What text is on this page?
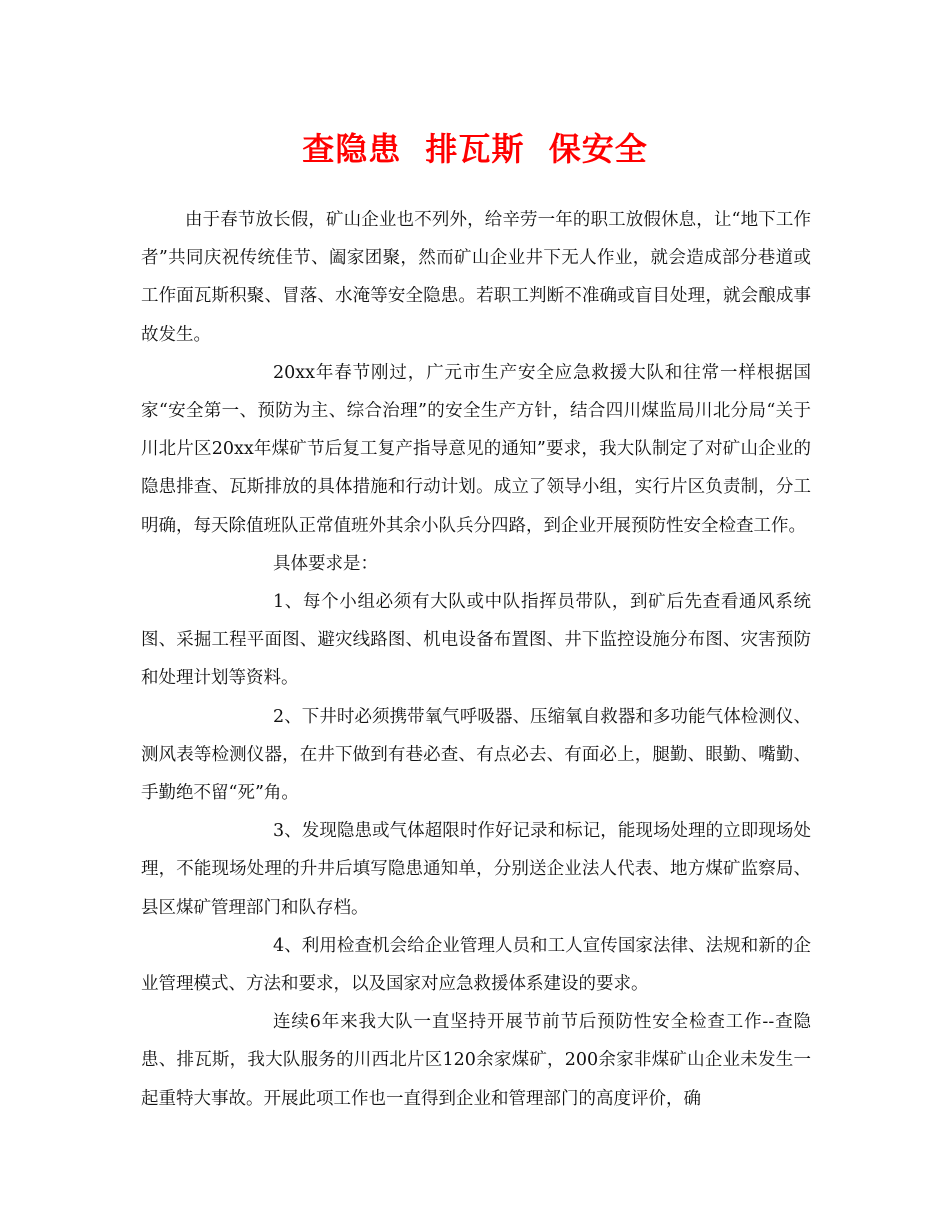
查隐患  排瓦斯  保安全

由于春节放长假，矿山企业也不列外，给辛劳一年的职工放假休息，让“地下工作者”共同庆祝传统佳节、阖家团聚，然而矿山企业井下无人作业，就会造成部分巷道或工作面瓦斯积聚、冒落、水淹等安全隐患。若职工判断不准确或盲目处理，就会酿成事故发生。

20xx年春节刚过，广元市生产安全应急救援大队和往常一样根据国家“安全第一、预防为主、综合治理”的安全生产方针，结合四川煤监局川北分局“关于川北片区20xx年煤矿节后复工复产指导意见的通知”要求，我大队制定了对矿山企业的隐患排查、瓦斯排放的具体措施和行动计划。成立了领导小组，实行片区负责制，分工明确，每天除值班队正常值班外其余小队兵分四路，到企业开展预防性安全检查工作。

具体要求是：

1、每个小组必须有大队或中队指挥员带队，到矿后先查看通风系统图、采掘工程平面图、避灾线路图、机电设备布置图、井下监控设施分布图、灾害预防和处理计划等资料。

2、下井时必须携带氧气呼吸器、压缩氧自救器和多功能气体检测仪、测风表等检测仪器，在井下做到有巷必查、有点必去、有面必上，腿勤、眼勤、嘴勤、手勤绝不留“死”角。

3、发现隐患或气体超限时作好记录和标记，能现场处理的立即现场处理，不能现场处理的升井后填写隐患通知单，分别送企业法人代表、地方煤矿监察局、县区煤矿管理部门和队存档。

4、利用检查机会给企业管理人员和工人宣传国家法律、法规和新的企业管理模式、方法和要求，以及国家对应急救援体系建设的要求。

连续6年来我大队一直坚持开展节前节后预防性安全检查工作--查隐患、排瓦斯，我大队服务的川西北片区120余家煤矿，200余家非煤矿山企业未发生一起重特大事故。开展此项工作也一直得到企业和管理部门的高度评价，确
